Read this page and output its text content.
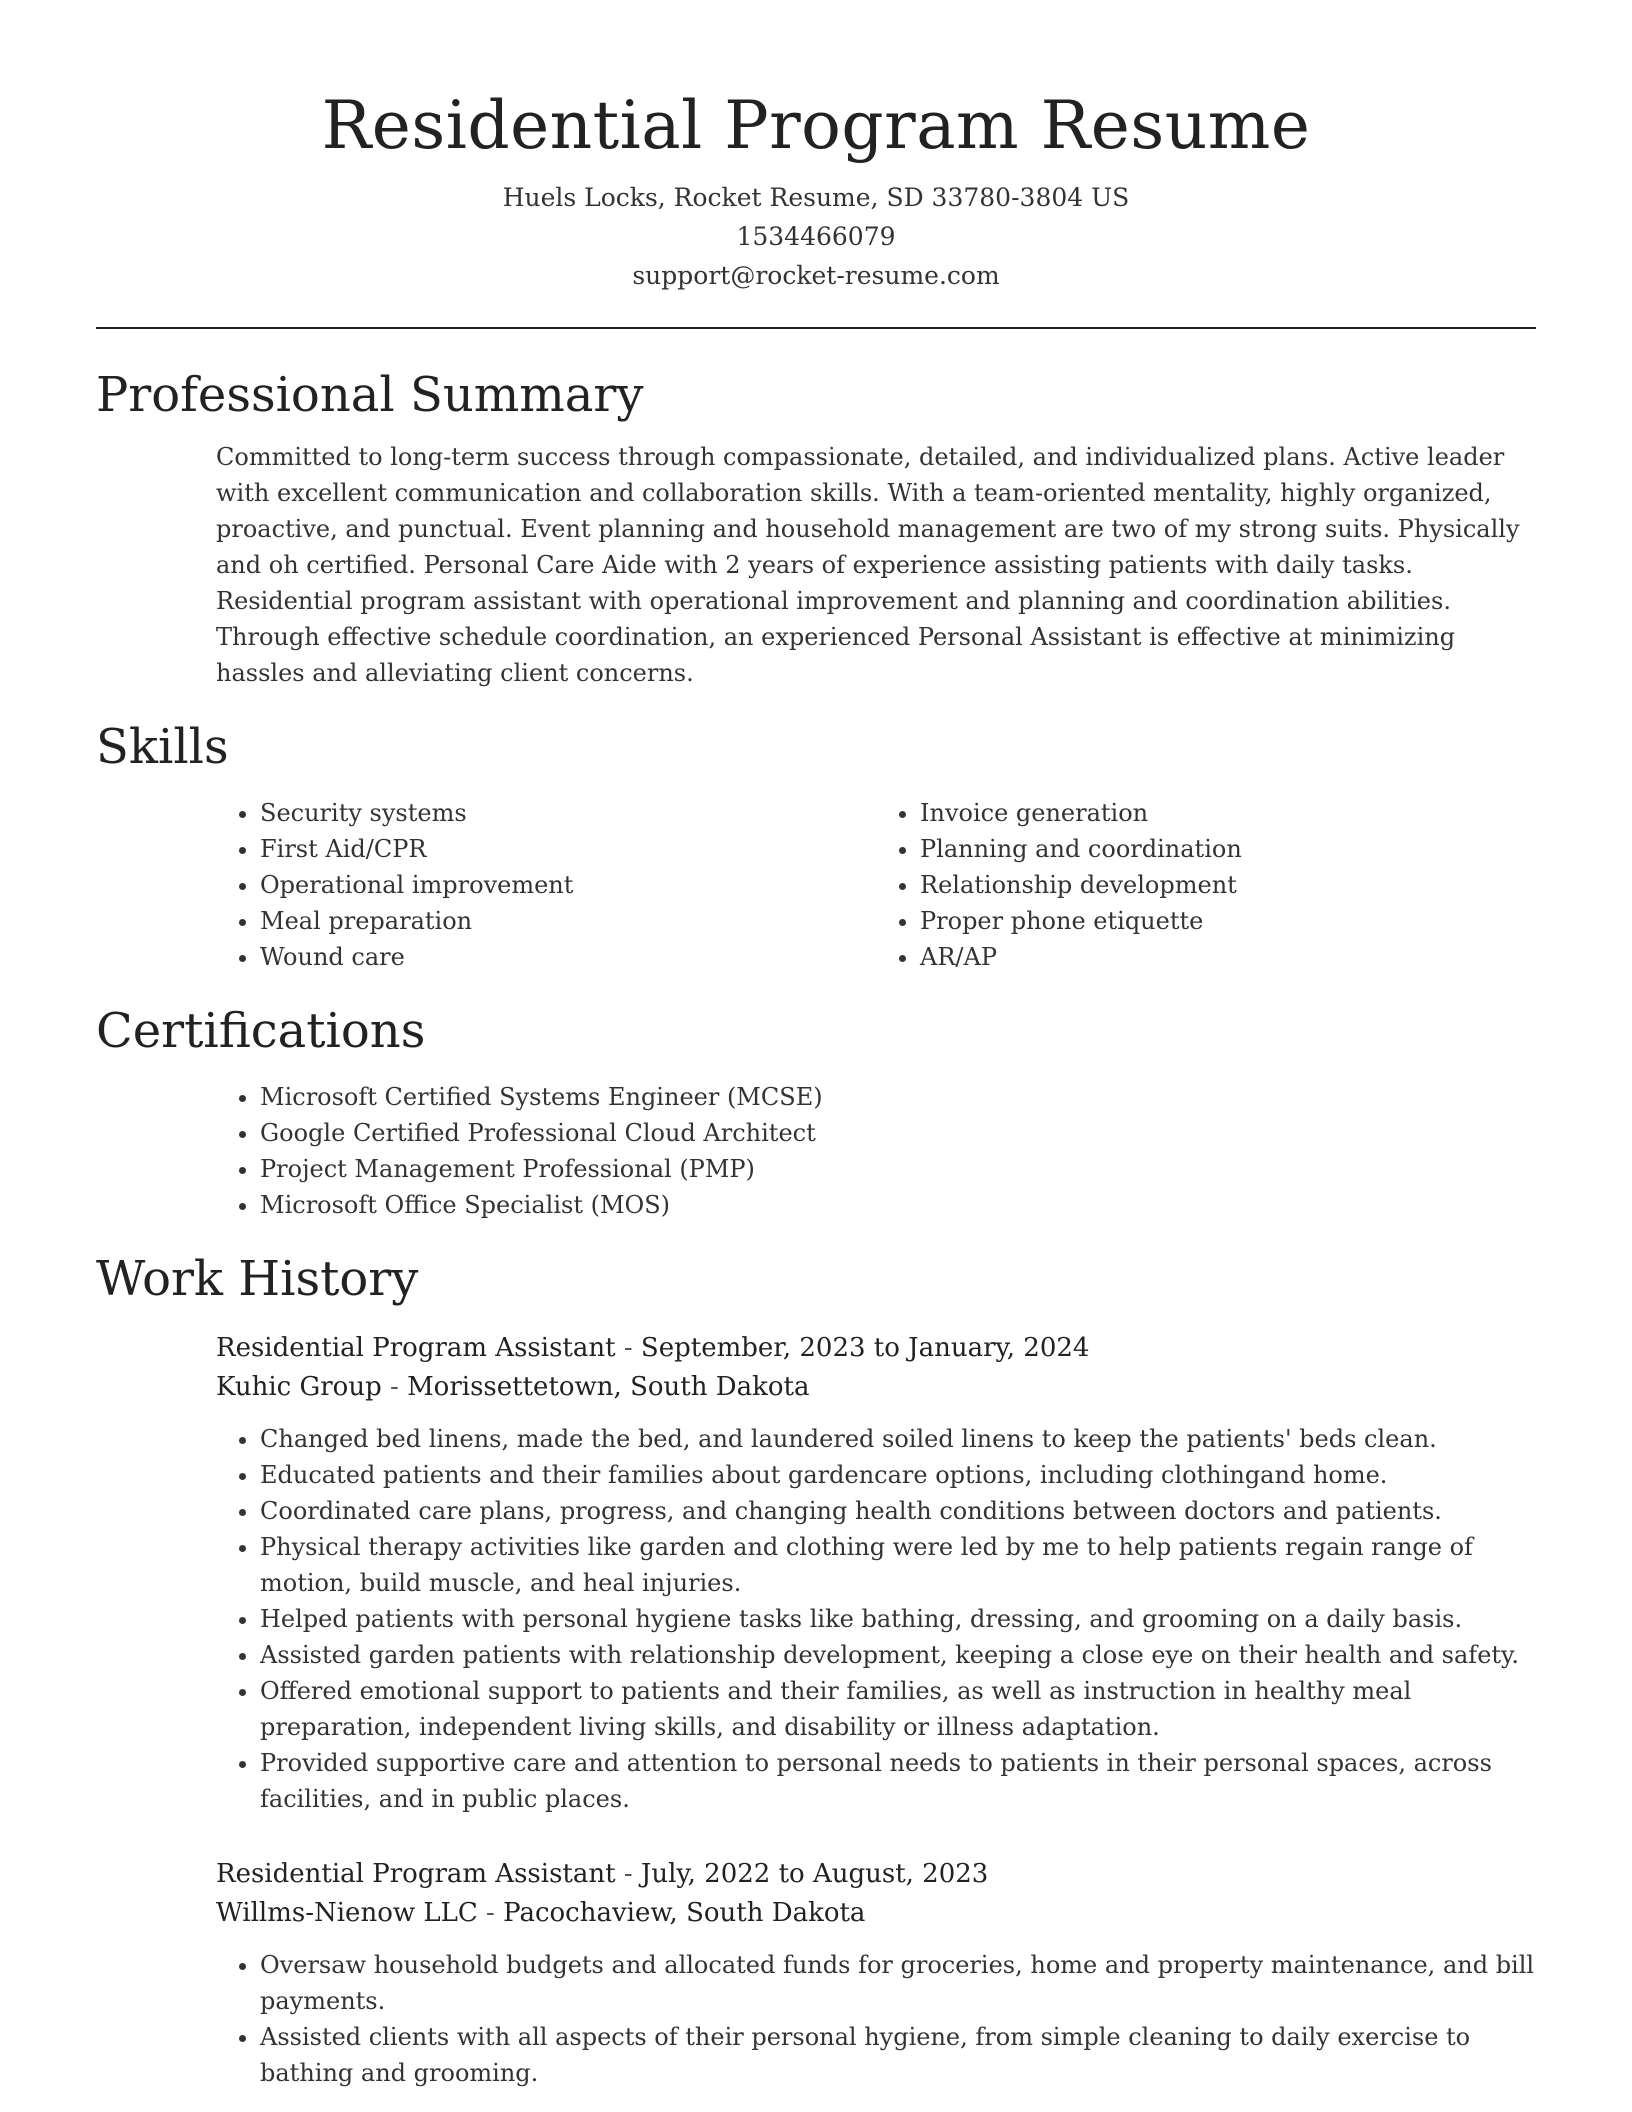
Residential Program Resume
Huels Locks, Rocket Resume, SD 33780-3804 US
1534466079
support@rocket-resume.com
Professional Summary

Committed to long-term success through compassionate, detailed, and individualized plans. Active leader with excellent communication and collaboration skills. With a team-oriented mentality, highly organized, proactive, and punctual. Event planning and household management are two of my strong suits. Physically and oh certified. Personal Care Aide with 2 years of experience assisting patients with daily tasks. Residential program assistant with operational improvement and planning and coordination abilities. Through effective schedule coordination, an experienced Personal Assistant is effective at minimizing hassles and alleviating client concerns.

Skills
• Security systems
• First Aid/CPR
• Operational improvement
• Meal preparation
• Wound care
• Invoice generation
• Planning and coordination
• Relationship development
• Proper phone etiquette
• AR/AP
Certifications
• Microsoft Certified Systems Engineer (MCSE)
• Google Certified Professional Cloud Architect
• Project Management Professional (PMP)
• Microsoft Office Specialist (MOS)
Work History
Residential Program Assistant - September, 2023 to January, 2024
Kuhic Group - Morissettetown, South Dakota
• Changed bed linens, made the bed, and laundered soiled linens to keep the patients' beds clean.
• Educated patients and their families about gardencare options, including clothingand home.
• Coordinated care plans, progress, and changing health conditions between doctors and patients.
• Physical therapy activities like garden and clothing were led by me to help patients regain range of motion, build muscle, and heal injuries.
• Helped patients with personal hygiene tasks like bathing, dressing, and grooming on a daily basis.
• Assisted garden patients with relationship development, keeping a close eye on their health and safety.
• Offered emotional support to patients and their families, as well as instruction in healthy meal preparation, independent living skills, and disability or illness adaptation.
• Provided supportive care and attention to personal needs to patients in their personal spaces, across facilities, and in public places.
Residential Program Assistant - July, 2022 to August, 2023
Willms-Nienow LLC - Pacochaview, South Dakota
• Oversaw household budgets and allocated funds for groceries, home and property maintenance, and bill payments.
• Assisted clients with all aspects of their personal hygiene, from simple cleaning to daily exercise to bathing and grooming.
